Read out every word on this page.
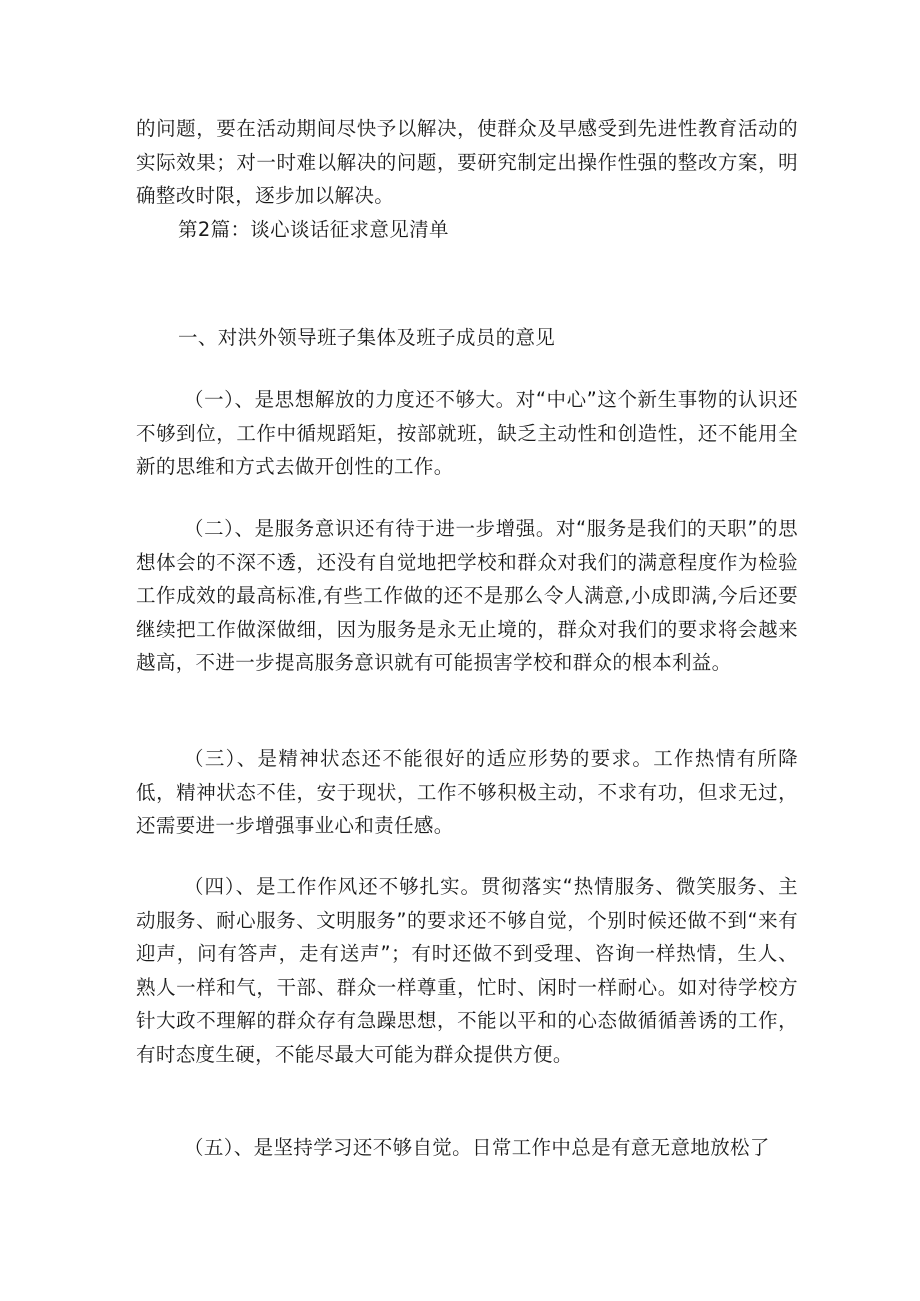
的问题，要在活动期间尽快予以解决，使群众及早感受到先进性教育活动的实际效果；对一时难以解决的问题，要研究制定出操作性强的整改方案，明确整改时限，逐步加以解决。

第2篇：谈心谈话征求意见清单

一、对洪外领导班子集体及班子成员的意见

（一）、是思想解放的力度还不够大。对“中心”这个新生事物的认识还不够到位，工作中循规蹈矩，按部就班，缺乏主动性和创造性，还不能用全新的思维和方式去做开创性的工作。

（二）、是服务意识还有待于进一步增强。对“服务是我们的天职”的思想体会的不深不透，还没有自觉地把学校和群众对我们的满意程度作为检验工作成效的最高标准,有些工作做的还不是那么令人满意,小成即满,今后还要继续把工作做深做细，因为服务是永无止境的，群众对我们的要求将会越来越高，不进一步提高服务意识就有可能损害学校和群众的根本利益。

（三）、是精神状态还不能很好的适应形势的要求。工作热情有所降低，精神状态不佳，安于现状，工作不够积极主动，不求有功，但求无过，还需要进一步增强事业心和责任感。

（四）、是工作作风还不够扎实。贯彻落实“热情服务、微笑服务、主动服务、耐心服务、文明服务”的要求还不够自觉，个别时候还做不到“来有迎声，问有答声，走有送声”；有时还做不到受理、咨询一样热情，生人、熟人一样和气，干部、群众一样尊重，忙时、闲时一样耐心。如对待学校方针大政不理解的群众存有急躁思想，不能以平和的心态做循循善诱的工作，有时态度生硬，不能尽最大可能为群众提供方便。

（五）、是坚持学习还不够自觉。日常工作中总是有意无意地放松了
